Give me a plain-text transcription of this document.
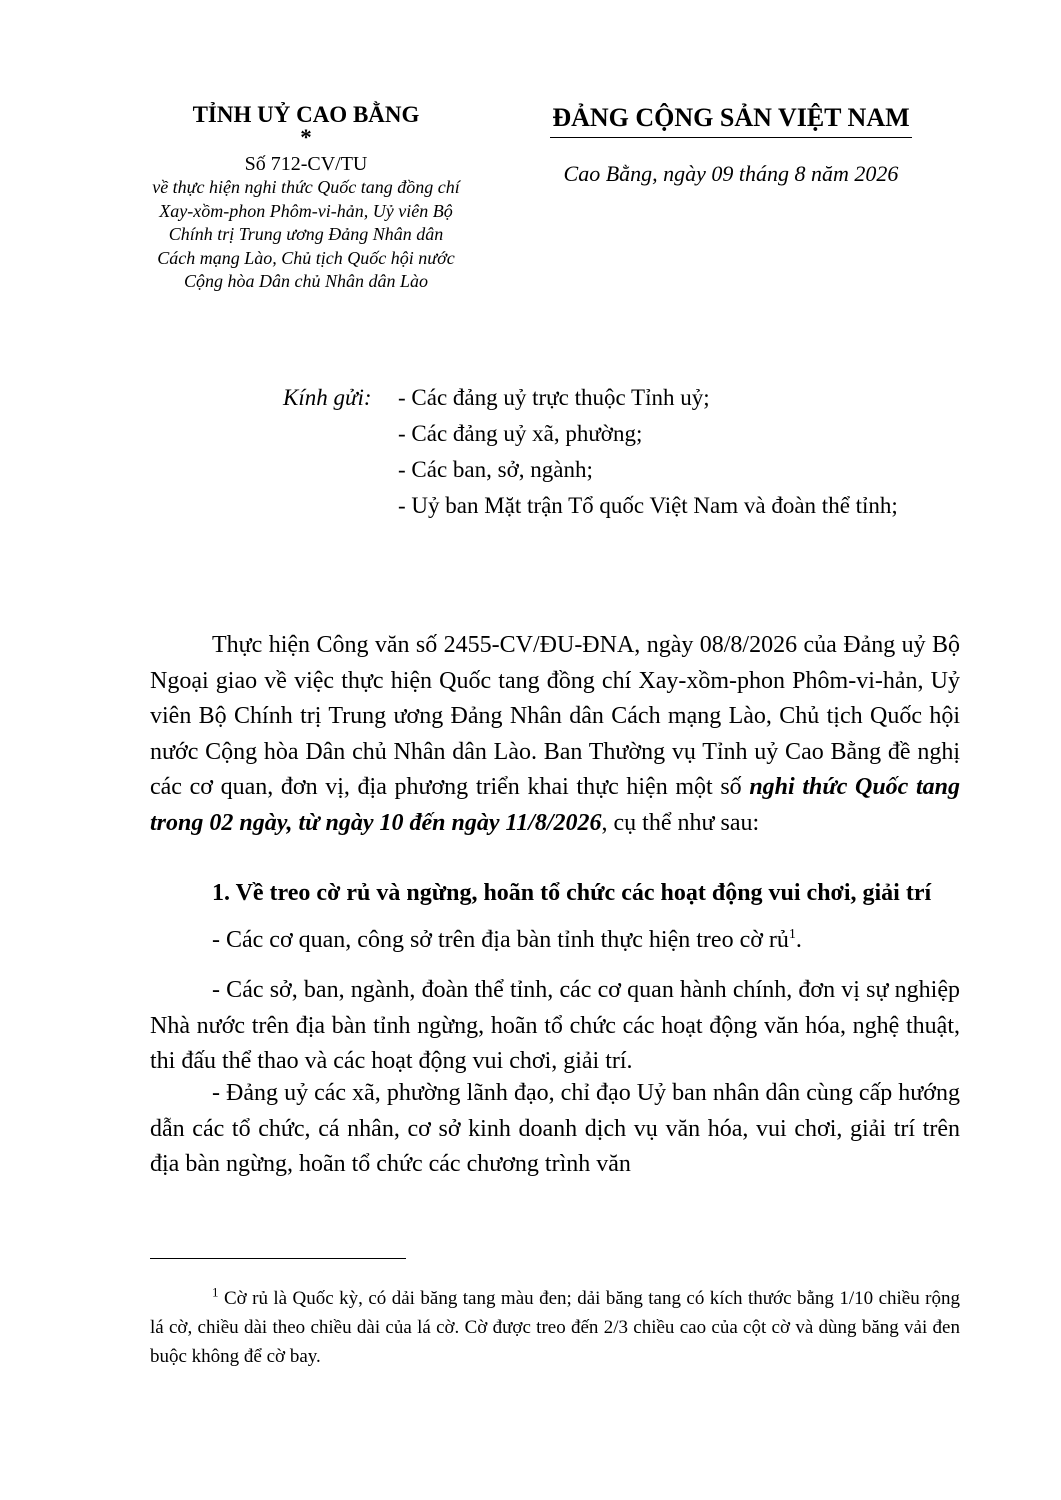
TỈNH UỶ CAO BẰNG
*
Số 712-CV/TU
về thực hiện nghi thức Quốc tang đồng chí Xay-xồm-phon Phôm-vi-hản, Uỷ viên Bộ Chính trị Trung ương Đảng Nhân dân Cách mạng Lào, Chủ tịch Quốc hội nước Cộng hòa Dân chủ Nhân dân Lào
ĐẢNG CỘNG SẢN VIỆT NAM
Cao Bằng, ngày 09 tháng 8 năm 2026
Kính gửi: - Các đảng uỷ trực thuộc Tỉnh uỷ;
- Các đảng uỷ xã, phường;
- Các ban, sở, ngành;
- Uỷ ban Mặt trận Tổ quốc Việt Nam và đoàn thể tỉnh;
Thực hiện Công văn số 2455-CV/ĐU-ĐNA, ngày 08/8/2026 của Đảng uỷ Bộ Ngoại giao về việc thực hiện Quốc tang đồng chí Xay-xồm-phon Phôm-vi-hản, Uỷ viên Bộ Chính trị Trung ương Đảng Nhân dân Cách mạng Lào, Chủ tịch Quốc hội nước Cộng hòa Dân chủ Nhân dân Lào. Ban Thường vụ Tỉnh uỷ Cao Bằng đề nghị các cơ quan, đơn vị, địa phương triển khai thực hiện một số nghi thức Quốc tang trong 02 ngày, từ ngày 10 đến ngày 11/8/2026, cụ thể như sau:
1. Về treo cờ rủ và ngừng, hoãn tổ chức các hoạt động vui chơi, giải trí
- Các cơ quan, công sở trên địa bàn tỉnh thực hiện treo cờ rủ$^1$.
- Các sở, ban, ngành, đoàn thể tỉnh, các cơ quan hành chính, đơn vị sự nghiệp Nhà nước trên địa bàn tỉnh ngừng, hoãn tổ chức các hoạt động văn hóa, nghệ thuật, thi đấu thể thao và các hoạt động vui chơi, giải trí.
- Đảng uỷ các xã, phường lãnh đạo, chỉ đạo Uỷ ban nhân dân cùng cấp hướng dẫn các tổ chức, cá nhân, cơ sở kinh doanh dịch vụ văn hóa, vui chơi, giải trí trên địa bàn ngừng, hoãn tổ chức các chương trình văn
$^1$ Cờ rủ là Quốc kỳ, có dải băng tang màu đen; dải băng tang có kích thước bằng 1/10 chiều rộng lá cờ, chiều dài theo chiều dài của lá cờ. Cờ được treo đến 2/3 chiều cao của cột cờ và dùng băng vải đen buộc không để cờ bay.
